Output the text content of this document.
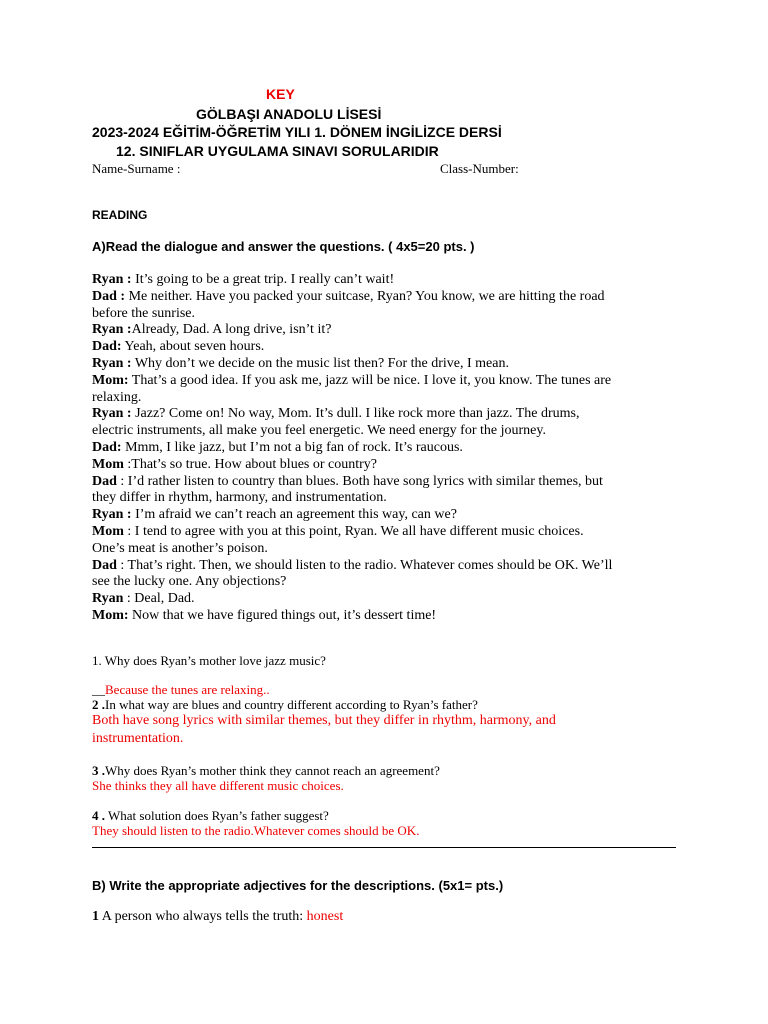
KEY
GÖLBAŞI ANADOLU LİSESİ
2023-2024 EĞİTİM-ÖĞRETİM YILI 1. DÖNEM İNGİLİZCE DERSİ
12. SINIFLAR UYGULAMA SINAVI SORULARIDIR
Name-Surname :	Class-Number:
READING
A)Read the dialogue and answer the questions. ( 4x5=20 pts. )
Ryan : It’s going to be a great trip. I really can’t wait!
Dad : Me neither. Have you packed your suitcase, Ryan? You know, we are hitting the road
before the sunrise.
Ryan :Already, Dad. A long drive, isn’t it?
Dad: Yeah, about seven hours.
Ryan : Why don’t we decide on the music list then? For the drive, I mean.
Mom: That’s a good idea. If you ask me, jazz will be nice. I love it, you know. The tunes are
relaxing.
Ryan : Jazz? Come on! No way, Mom. It’s dull. I like rock more than jazz. The drums,
electric instruments, all make you feel energetic. We need energy for the journey.
Dad: Mmm, I like jazz, but I’m not a big fan of rock. It’s raucous.
Mom :That’s so true. How about blues or country?
Dad : I’d rather listen to country than blues. Both have song lyrics with similar themes, but
they differ in rhythm, harmony, and instrumentation.
Ryan : I’m afraid we can’t reach an agreement this way, can we?
Mom : I tend to agree with you at this point, Ryan. We all have different music choices.
One’s meat is another’s poison.
Dad : That’s right. Then, we should listen to the radio. Whatever comes should be OK. We’ll
see the lucky one. Any objections?
Ryan : Deal, Dad.
Mom: Now that we have figured things out, it’s dessert time!
1. Why does Ryan’s mother love jazz music?
__Because the tunes are relaxing..
2 .In what way are blues and country different according to Ryan’s father?
Both have song lyrics with similar themes, but they differ in rhythm, harmony, and
instrumentation.
3 .Why does Ryan’s mother think they cannot reach an agreement?
She thinks they all have different music choices.
4 . What solution does Ryan’s father suggest?
They should listen to the radio.Whatever comes should be OK.
B) Write the appropriate adjectives for the descriptions. (5x1= pts.)
1 A person who always tells the truth: honest
